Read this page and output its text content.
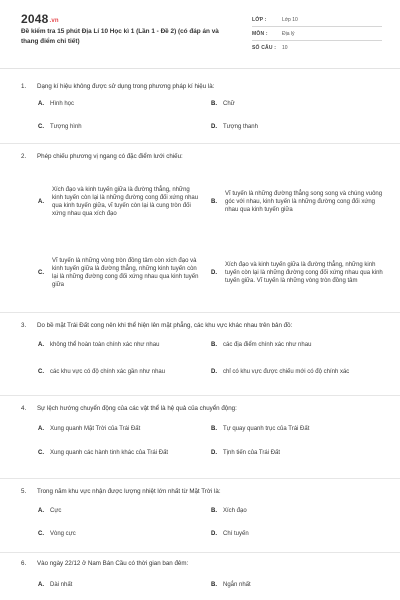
2048.vn
Đề kiểm tra 15 phút Địa Lí 10 Học kì 1 (Lần 1 - Đề 2) (có đáp án và thang điểm chi tiết)
LỚP :	Lớp 10
MÔN :	Địa lý
SỐ CÂU :	10
1.	Dạng kí hiệu không được sử dụng trong phương pháp kí hiệu là:
A.	Hình học	B.	Chữ
C.	Tượng hình	D.	Tượng thanh
2.	Phép chiếu phương vị ngang có đặc điểm lưới chiếu:
A.
Xích đạo và kinh tuyến giữa là đường thẳng, những kinh tuyến còn lại là những đường cong đối xứng nhau qua kinh tuyến giữa, vĩ tuyến còn lại là cung tròn đối xứng nhau qua xích đạo
B.
Vĩ tuyến là những đường thẳng song song và chúng vuông góc với nhau, kinh tuyến là những đường cong đối xứng nhau qua kinh tuyến giữa
C.
Vĩ tuyến là những vòng tròn đồng tâm còn xích đạo và kinh tuyến giữa là đường thẳng, những kinh tuyến còn lại là những đường cong đối xứng nhau qua kinh tuyến giữa
D.
Xích đạo và kinh tuyến giữa là đường thẳng, những kinh tuyến còn lại là những đường cong đối xứng nhau qua kinh tuyến giữa. Vĩ tuyến là những vòng tròn đồng tâm
3.	Do bề mặt Trái Đất cong nên khi thể hiện lên mặt phẳng, các khu vực khác nhau trên bản đồ:
A.	không thể hoàn toàn chính xác như nhau	B.	các địa điểm chính xác như nhau
C.	các khu vực có độ chính xác gần như nhau	D.	chỉ có khu vực được chiếu mới có độ chính xác
4.	Sự lệch hướng chuyển động của các vật thể là hệ quả của chuyển động:
A.	Xung quanh Mặt Trời của Trái Đất	B.	Tự quay quanh trục của Trái Đất
C.	Xung quanh các hành tinh khác của Trái Đất	D.	Tịnh tiến của Trái Đất
5.	Trong năm khu vực nhận được lượng nhiệt lớn nhất từ Mặt Trời là:
A.	Cực	B.	Xích đạo
C.	Vòng cực	D.	Chí tuyến
6.	Vào ngày 22/12 ở Nam Bán Cầu có thời gian ban đêm:
A.	Dài nhất	B.	Ngắn nhất
